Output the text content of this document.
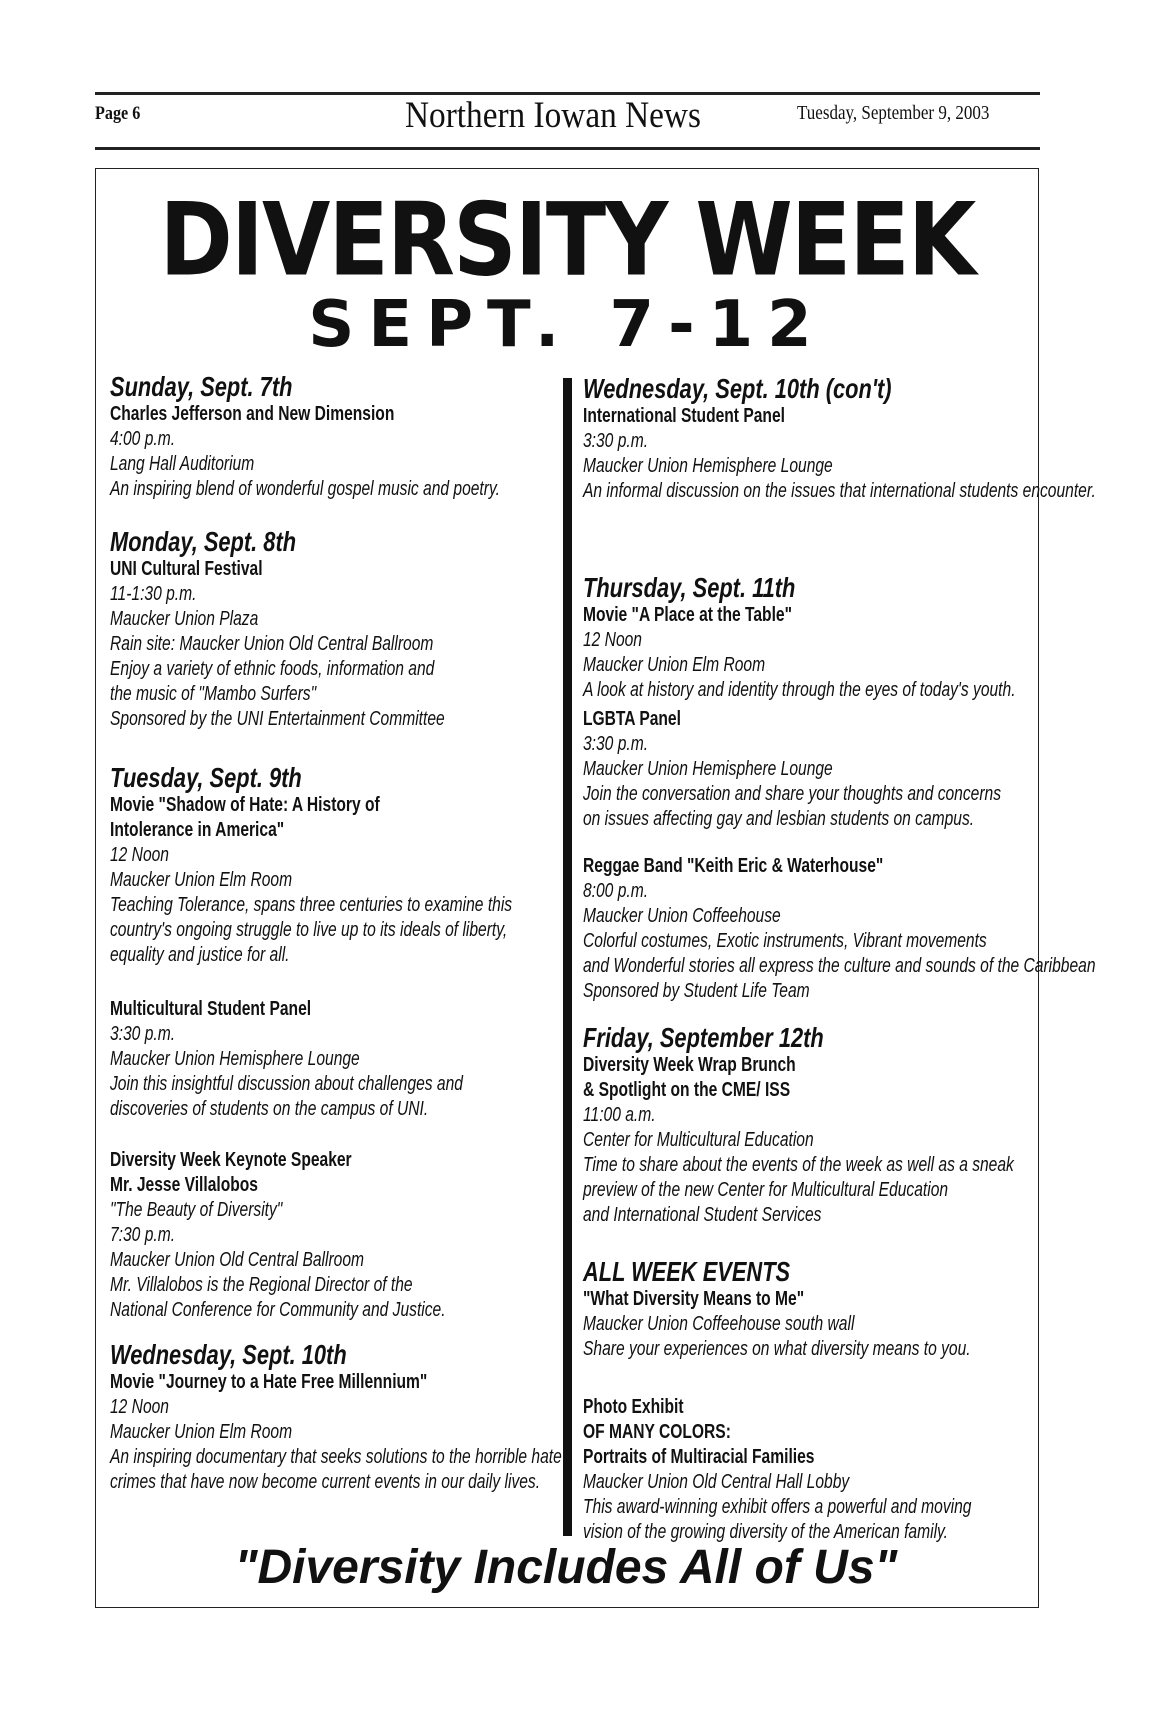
Page 6	Northern Iowan News	Tuesday, September 9, 2003
DIVERSITY WEEK
SEPT. 7-12
Sunday, Sept. 7th
Charles Jefferson and New Dimension
4:00 p.m.
Lang Hall Auditorium
An inspiring blend of wonderful gospel music and poetry.
Monday, Sept. 8th
UNI Cultural Festival
11-1:30 p.m.
Maucker Union Plaza
Rain site: Maucker Union Old Central Ballroom
Enjoy a variety of ethnic foods, information and
the music of "Mambo Surfers"
Sponsored by the UNI Entertainment Committee
Tuesday, Sept. 9th
Movie "Shadow of Hate: A History of
Intolerance in America"
12 Noon
Maucker Union Elm Room
Teaching Tolerance, spans three centuries to examine this
country's ongoing struggle to live up to its ideals of liberty,
equality and justice for all.
Multicultural Student Panel
3:30 p.m.
Maucker Union Hemisphere Lounge
Join this insightful discussion about challenges and
discoveries of students on the campus of UNI.
Diversity Week Keynote Speaker
Mr. Jesse Villalobos
"The Beauty of Diversity"
7:30 p.m.
Maucker Union Old Central Ballroom
Mr. Villalobos is the Regional Director of the
National Conference for Community and Justice.
Wednesday, Sept. 10th
Movie "Journey to a Hate Free Millennium"
12 Noon
Maucker Union Elm Room
An inspiring documentary that seeks solutions to the horrible hate
crimes that have now become current events in our daily lives.
Wednesday, Sept. 10th (con't)
International Student Panel
3:30 p.m.
Maucker Union Hemisphere Lounge
An informal discussion on the issues that international students encounter.
Thursday, Sept. 11th
Movie "A Place at the Table"
12 Noon
Maucker Union Elm Room
A look at history and identity through the eyes of today's youth.
LGBTA Panel
3:30 p.m.
Maucker Union Hemisphere Lounge
Join the conversation and share your thoughts and concerns
on issues affecting gay and lesbian students on campus.
Reggae Band "Keith Eric & Waterhouse"
8:00 p.m.
Maucker Union Coffeehouse
Colorful costumes, Exotic instruments, Vibrant movements
and Wonderful stories all express the culture and sounds of the Caribbean
Sponsored by Student Life Team
Friday, September 12th
Diversity Week Wrap Brunch
& Spotlight on the CME/ ISS
11:00 a.m.
Center for Multicultural Education
Time to share about the events of the week as well as a sneak
preview of the new Center for Multicultural Education
and International Student Services
ALL WEEK EVENTS
"What Diversity Means to Me"
Maucker Union Coffeehouse south wall
Share your experiences on what diversity means to you.
Photo Exhibit
OF MANY COLORS:
Portraits of Multiracial Families
Maucker Union Old Central Hall Lobby
This award-winning exhibit offers a powerful and moving
vision of the growing diversity of the American family.
"Diversity Includes All of Us"
